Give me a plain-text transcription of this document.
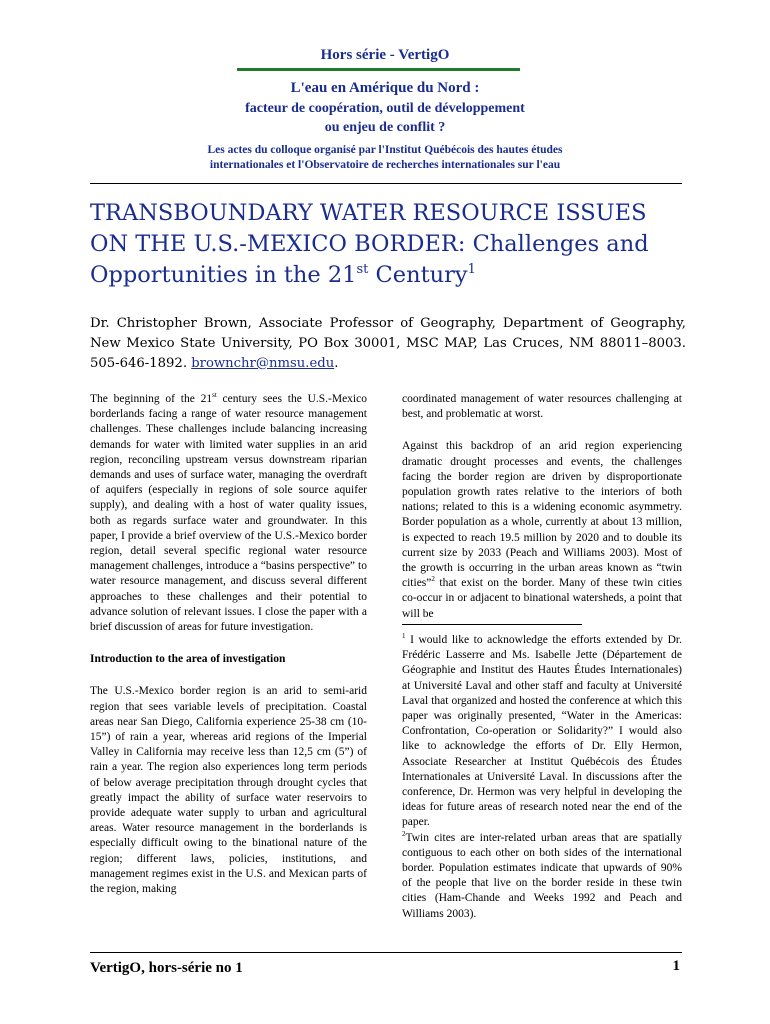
Hors série - VertigO
L'eau en Amérique du Nord :
facteur de coopération, outil de développement
ou enjeu de conflit ?
Les actes du colloque organisé par l'Institut Québécois des hautes études
internationales et l'Observatoire de recherches internationales sur l'eau
TRANSBOUNDARY WATER RESOURCE ISSUES
ON THE U.S.-MEXICO BORDER: Challenges and
Opportunities in the 21st Century$^1$
Dr. Christopher Brown, Associate Professor of Geography, Department of Geography, New Mexico State University, PO Box 30001, MSC MAP, Las Cruces, NM 88011–8003. 505-646-1892. brownchr@nmsu.edu.

The beginning of the 21st century sees the U.S.-Mexico borderlands facing a range of water resource management challenges. These challenges include balancing increasing demands for water with limited water supplies in an arid region, reconciling upstream versus downstream riparian demands and uses of surface water, managing the overdraft of aquifers (especially in regions of sole source aquifer supply), and dealing with a host of water quality issues, both as regards surface water and groundwater. In this paper, I provide a brief overview of the U.S.-Mexico border region, detail several specific regional water resource management challenges, introduce a “basins perspective” to water resource management, and discuss several different approaches to these challenges and their potential to advance solution of relevant issues. I close the paper with a brief discussion of areas for future investigation.

Introduction to the area of investigation

The U.S.-Mexico border region is an arid to semi-arid region that sees variable levels of precipitation. Coastal areas near San Diego, California experience 25-38 cm (10-15”) of rain a year, whereas arid regions of the Imperial Valley in California may receive less than 12,5 cm (5”) of rain a year. The region also experiences long term periods of below average precipitation through drought cycles that greatly impact the ability of surface water reservoirs to provide adequate water supply to urban and agricultural areas. Water resource management in the borderlands is especially difficult owing to the binational nature of the region; different laws, policies, institutions, and management regimes exist in the U.S. and Mexican parts of the region, making

coordinated management of water resources challenging at best, and problematic at worst.

Against this backdrop of an arid region experiencing dramatic drought processes and events, the challenges facing the border region are driven by disproportionate population growth rates relative to the interiors of both nations; related to this is a widening economic asymmetry. Border population as a whole, currently at about 13 million, is expected to reach 19.5 million by 2020 and to double its current size by 2033 (Peach and Williams 2003). Most of the growth is occurring in the urban areas known as “twin cities”$^2$ that exist on the border. Many of these twin cities co-occur in or adjacent to binational watersheds, a point that will be

$^1$ I would like to acknowledge the efforts extended by Dr. Frédéric Lasserre and Ms. Isabelle Jette (Département de Géographie and Institut des Hautes Études Internationales) at Université Laval and other staff and faculty at Université Laval that organized and hosted the conference at which this paper was originally presented, “Water in the Americas: Confrontation, Co-operation or Solidarity?” I would also like to acknowledge the efforts of Dr. Elly Hermon, Associate Researcher at Institut Québécois des Études Internationales at Université Laval. In discussions after the conference, Dr. Hermon was very helpful in developing the ideas for future areas of research noted near the end of the paper.

$^2$Twin cites are inter-related urban areas that are spatially contiguous to each other on both sides of the international border. Population estimates indicate that upwards of 90% of the people that live on the border reside in these twin cities (Ham-Chande and Weeks 1992 and Peach and Williams 2003).

VertigO, hors-série no 1	1
